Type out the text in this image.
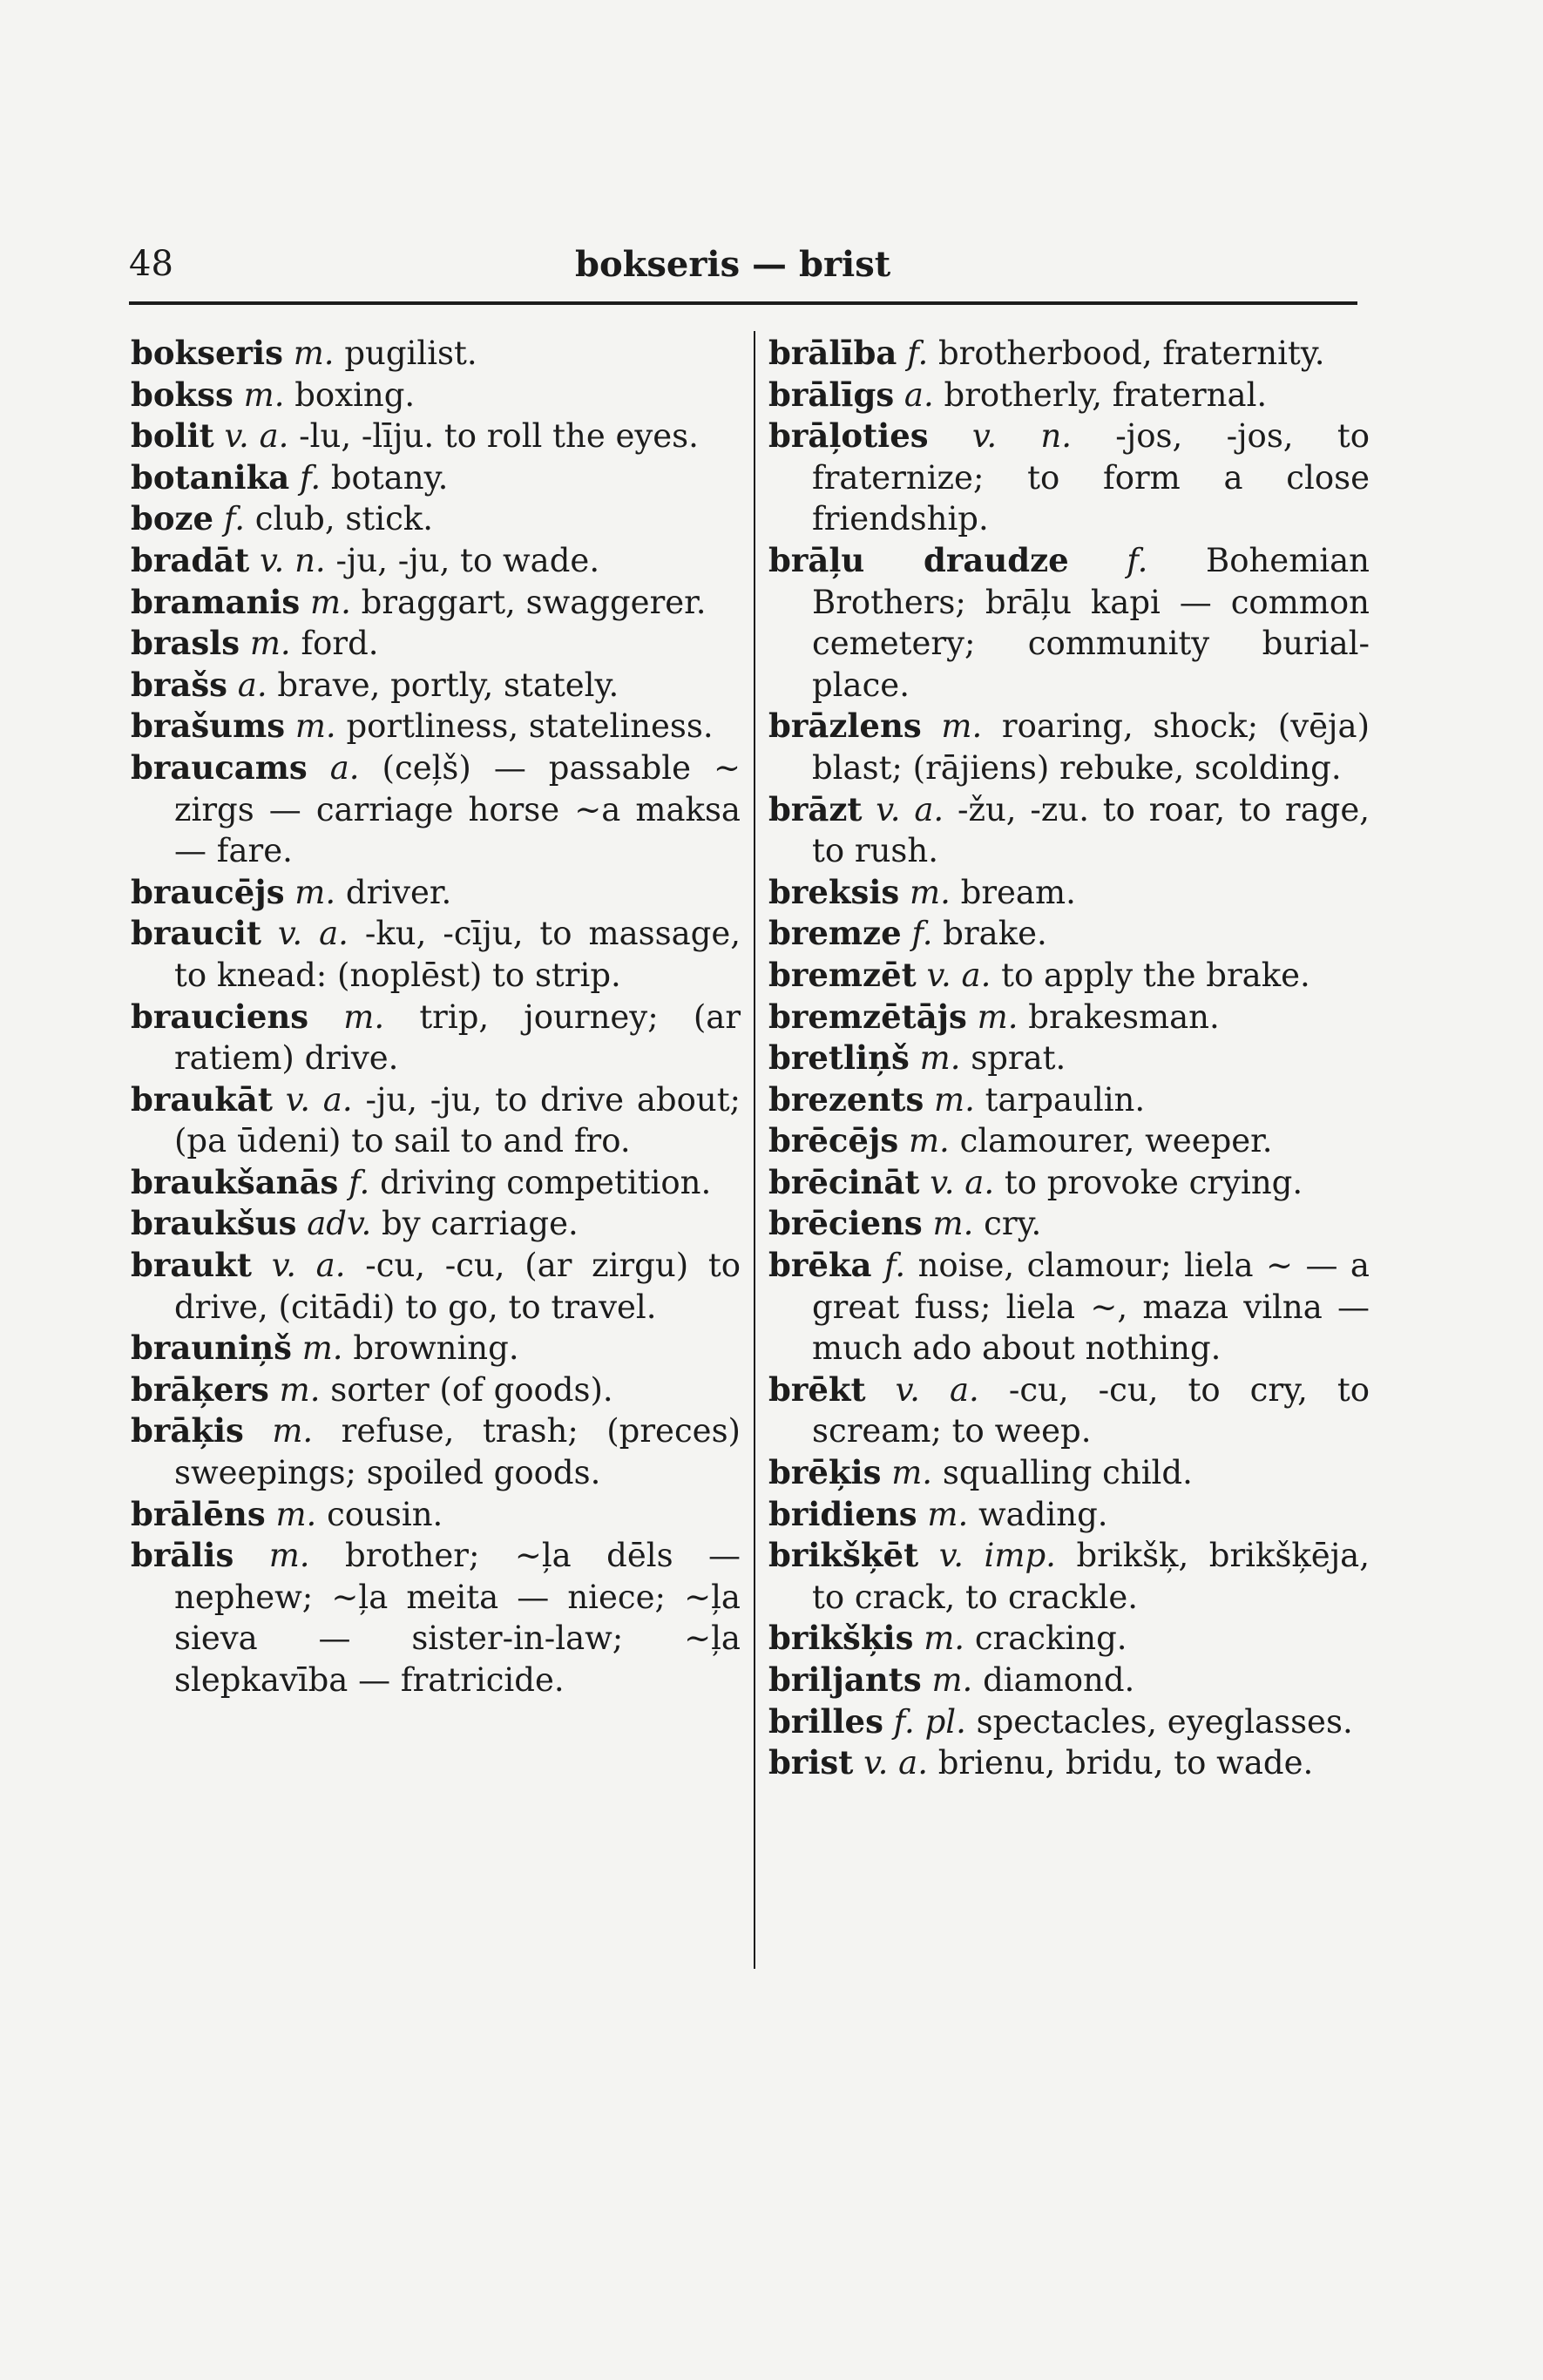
48	bokseris — brist

bokseris m. pugilist.

bokss m. boxing.

bolit v. a. -lu, -līju. to roll the eyes.

botanika f. botany.

boze f. club, stick.

bradāt v. n. -ju, -ju, to wade.

bramanis m. braggart, swaggerer.

brasls m. ford.

brašs a. brave, portly, stately.

brašums m. portliness, stateliness.

braucams a. (ceļš) — passable ~ zirgs — carriage horse ~a maksa — fare.

braucējs m. driver.

braucit v. a. -ku, -cīju, to massage, to knead: (noplēst) to strip.

brauciens m. trip, journey; (ar ratiem) drive.

braukāt v. a. -ju, -ju, to drive about; (pa ūdeni) to sail to and fro.

braukšanās f. driving competition.

braukšus adv. by carriage.

braukt v. a. -cu, -cu, (ar zirgu) to drive, (citādi) to go, to travel.

brauniņš m. browning.

brāķers m. sorter (of goods).

brāķis m. refuse, trash; (preces) sweepings; spoiled goods.

brālēns m. cousin.

brālis m. brother; ~ļa dēls — nephew; ~ļa meita — niece; ~ļa sieva — sister-in-law; ~ļa slepkavība — fratricide.

brālība f. brotherbood, fraternity.

brālīgs a. brotherly, fraternal.

brāļoties v. n. -jos, -jos, to fraternize; to form a close friendship.

brāļu draudze f. Bohemian Brothers; brāļu kapi — common cemetery; community burial-place.

brāzlens m. roaring, shock; (vēja) blast; (rājiens) rebuke, scolding.

brāzt v. a. -žu, -zu. to roar, to rage, to rush.

breksis m. bream.

bremze f. brake.

bremzēt v. a. to apply the brake.

bremzētājs m. brakesman.

bretliņš m. sprat.

brezents m. tarpaulin.

brēcējs m. clamourer, weeper.

brēcināt v. a. to provoke crying.

brēciens m. cry.

brēka f. noise, clamour; liela ~ — a great fuss; liela ~, maza vilna — much ado about nothing.

brēkt v. a. -cu, -cu, to cry, to scream; to weep.

brēķis m. squalling child.

bridiens m. wading.

brikšķēt v. imp. brikšķ, brikšķēja, to crack, to crackle.

brikšķis m. cracking.

briljants m. diamond.

brilles f. pl. spectacles, eyeglasses.

brist v. a. brienu, bridu, to wade.
